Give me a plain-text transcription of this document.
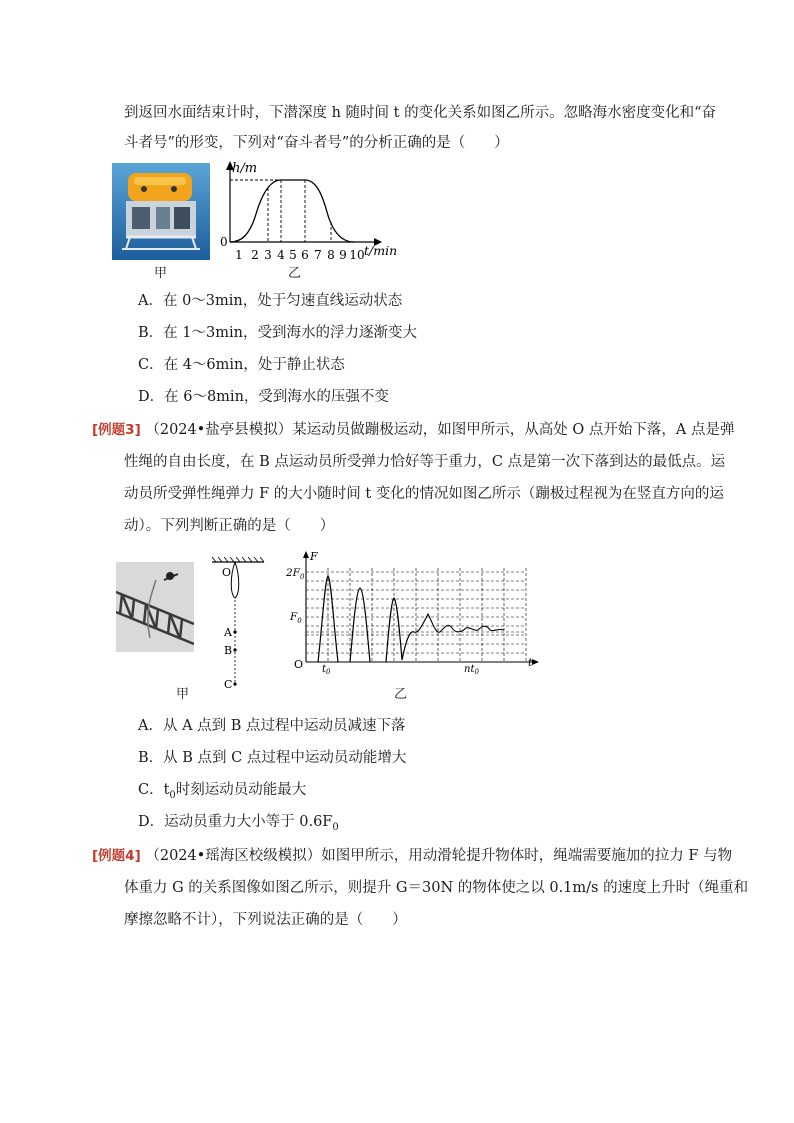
到返回水面结束计时，下潜深度 h 随时间 t 的变化关系如图乙所示。忽略海水密度变化和“奋
斗者号”的形变，下列对“奋斗者号”的分析正确的是（　　）
甲
h/m
0
t/min
1 2 3 4 5 6 7 8 9 10
乙
A．在 0～3min，处于匀速直线运动状态
B．在 1～3min，受到海水的浮力逐渐变大
C．在 4～6min，处于静止状态
D．在 6～8min，受到海水的压强不变
[例题3] （2024•盐亭县模拟）某运动员做蹦极运动，如图甲所示，从高处 O 点开始下落，A 点是弹
性绳的自由长度，在 B 点运动员所受弹力恰好等于重力，C 点是第一次下落到达的最低点。运
动员所受弹性绳弹力 F 的大小随时间 t 变化的情况如图乙所示（蹦极过程视为在竖直方向的运
动）。下列判断正确的是（　　）
甲
O
A
B
C
F
$2F_0$
$F_0$
O $t_0$	$nt_0$
t
乙
A．从 A 点到 B 点过程中运动员减速下落
B．从 B 点到 C 点过程中运动员动能增大
C．$t_0$时刻运动员动能最大
D．运动员重力大小等于 $0.6F_0$
[例题4] （2024•瑶海区校级模拟）如图甲所示，用动滑轮提升物体时，绳端需要施加的拉力 F 与物
体重力 G 的关系图像如图乙所示，则提升 G＝30N 的物体使之以 0.1m/s 的速度上升时（绳重和
摩擦忽略不计），下列说法正确的是（　　）
